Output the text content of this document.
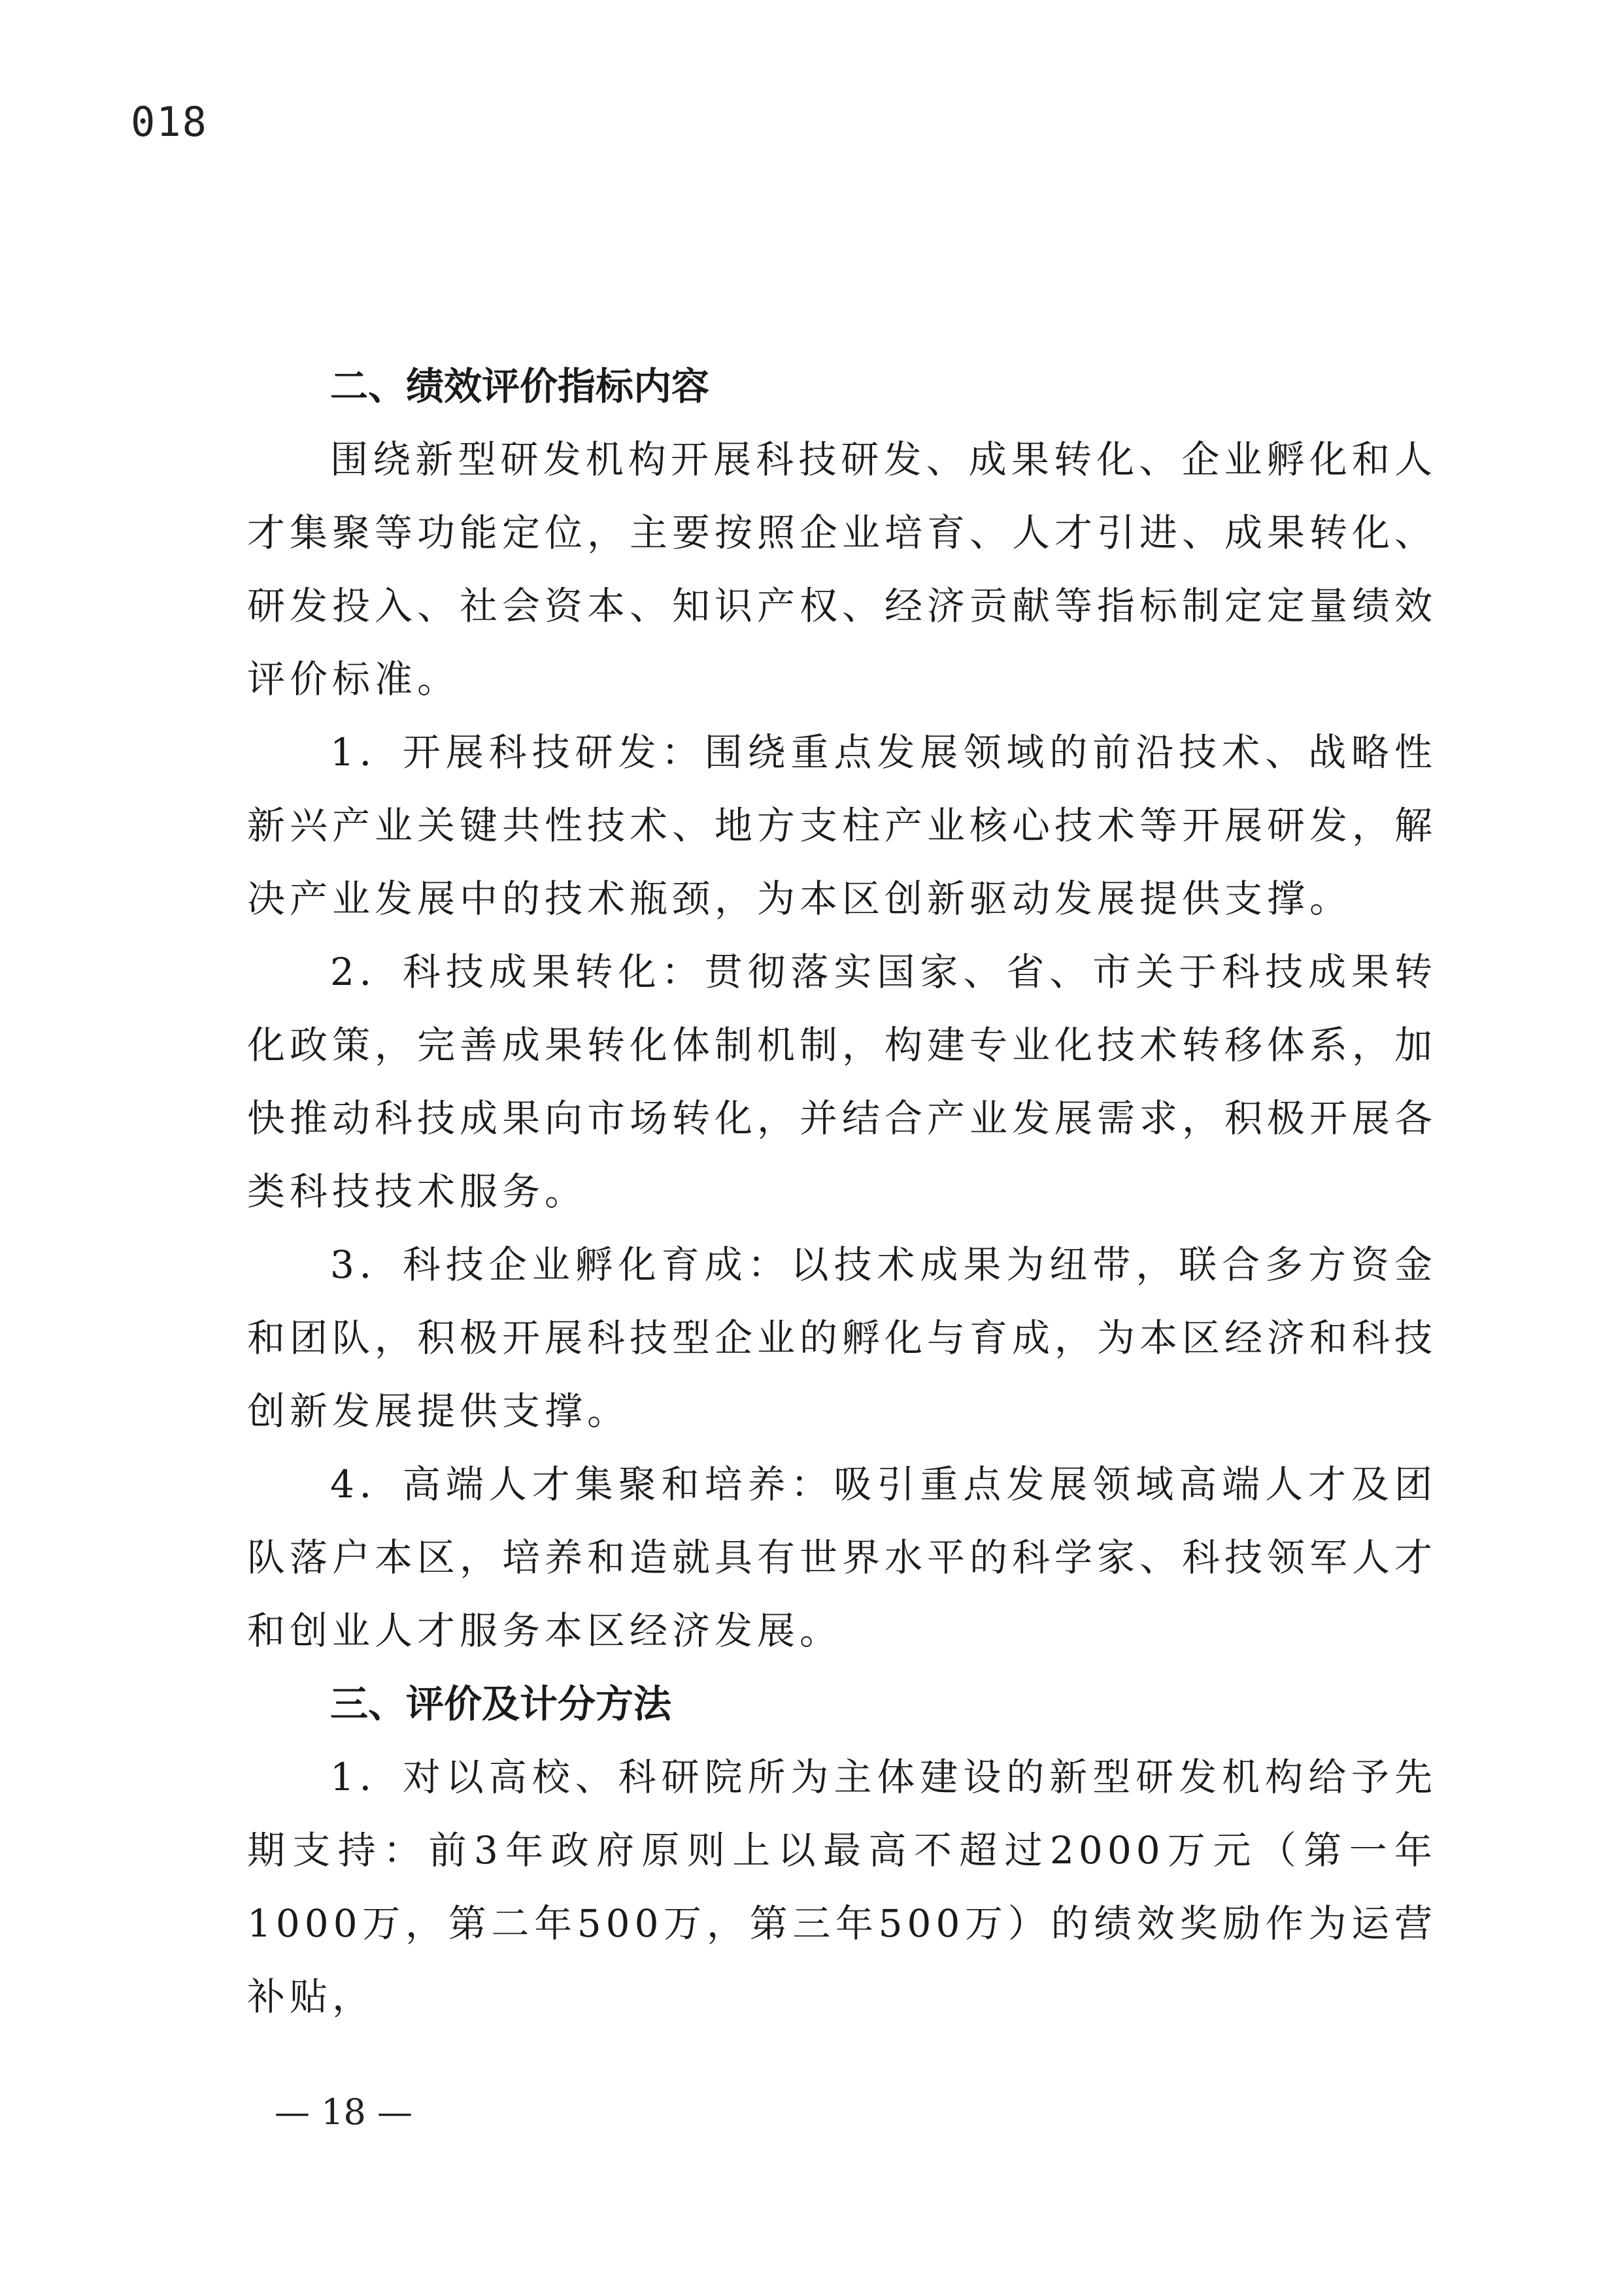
018
二、绩效评价指标内容

围绕新型研发机构开展科技研发、成果转化、企业孵化和人才集聚等功能定位，主要按照企业培育、人才引进、成果转化、研发投入、社会资本、知识产权、经济贡献等指标制定定量绩效评价标准。

1．开展科技研发：围绕重点发展领域的前沿技术、战略性新兴产业关键共性技术、地方支柱产业核心技术等开展研发，解决产业发展中的技术瓶颈，为本区创新驱动发展提供支撑。

2．科技成果转化：贯彻落实国家、省、市关于科技成果转化政策，完善成果转化体制机制，构建专业化技术转移体系，加快推动科技成果向市场转化，并结合产业发展需求，积极开展各类科技技术服务。

3．科技企业孵化育成：以技术成果为纽带，联合多方资金和团队，积极开展科技型企业的孵化与育成，为本区经济和科技创新发展提供支撑。

4．高端人才集聚和培养：吸引重点发展领域高端人才及团队落户本区，培养和造就具有世界水平的科学家、科技领军人才和创业人才服务本区经济发展。

三、评价及计分方法

1．对以高校、科研院所为主体建设的新型研发机构给予先期支持：前3年政府原则上以最高不超过2000万元（第一年1000万，第二年500万，第三年500万）的绩效奖励作为运营补贴，

— 18 —
